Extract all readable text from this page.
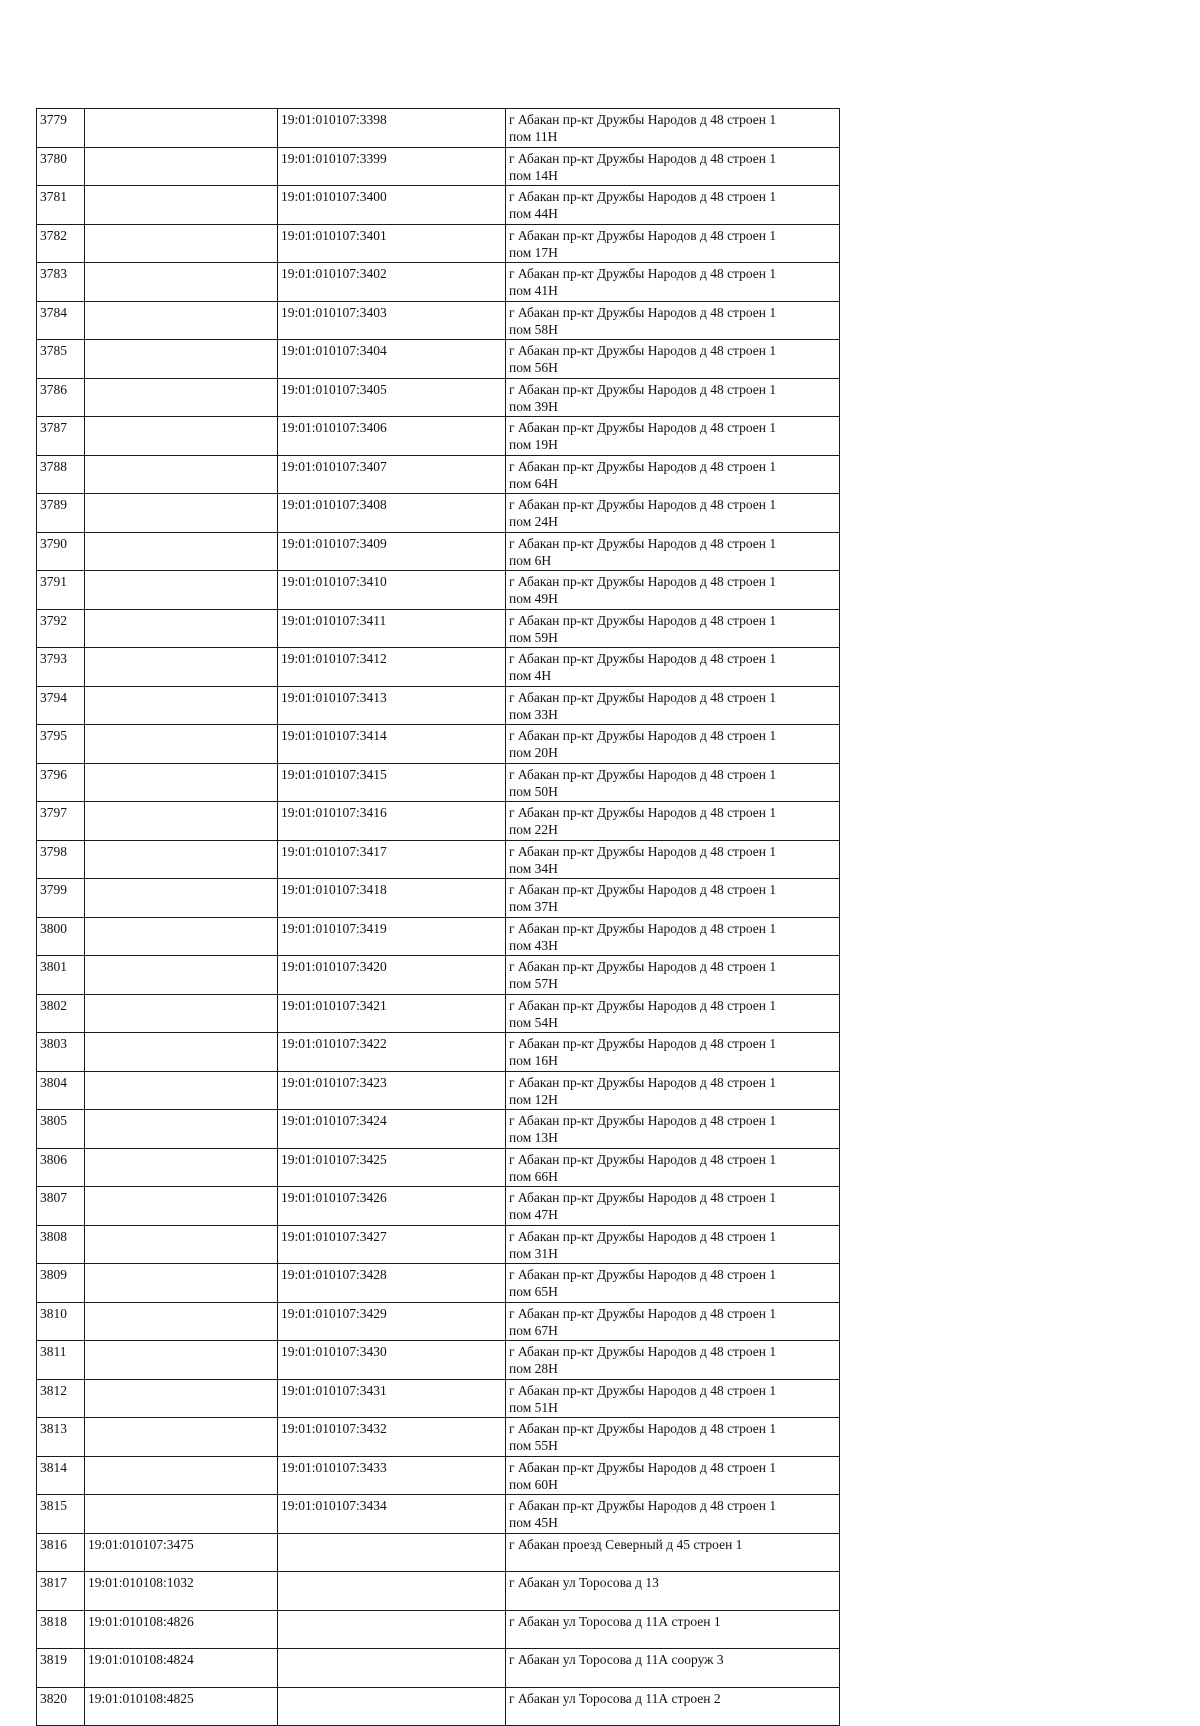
3779		19:01:010107:3398	г Абакан пр-кт Дружбы Народов д 48 строен 1
пом 11Н

3780		19:01:010107:3399	г Абакан пр-кт Дружбы Народов д 48 строен 1
пом 14Н

3781		19:01:010107:3400	г Абакан пр-кт Дружбы Народов д 48 строен 1
пом 44Н

3782		19:01:010107:3401	г Абакан пр-кт Дружбы Народов д 48 строен 1
пом 17Н

3783		19:01:010107:3402	г Абакан пр-кт Дружбы Народов д 48 строен 1
пом 41Н

3784		19:01:010107:3403	г Абакан пр-кт Дружбы Народов д 48 строен 1
пом 58Н

3785		19:01:010107:3404	г Абакан пр-кт Дружбы Народов д 48 строен 1
пом 56Н

3786		19:01:010107:3405	г Абакан пр-кт Дружбы Народов д 48 строен 1
пом 39Н

3787		19:01:010107:3406	г Абакан пр-кт Дружбы Народов д 48 строен 1
пом 19Н

3788		19:01:010107:3407	г Абакан пр-кт Дружбы Народов д 48 строен 1
пом 64Н

3789		19:01:010107:3408	г Абакан пр-кт Дружбы Народов д 48 строен 1
пом 24Н

3790		19:01:010107:3409	г Абакан пр-кт Дружбы Народов д 48 строен 1
пом 6Н

3791		19:01:010107:3410	г Абакан пр-кт Дружбы Народов д 48 строен 1
пом 49Н

3792		19:01:010107:3411	г Абакан пр-кт Дружбы Народов д 48 строен 1
пом 59Н

3793		19:01:010107:3412	г Абакан пр-кт Дружбы Народов д 48 строен 1
пом 4Н

3794		19:01:010107:3413	г Абакан пр-кт Дружбы Народов д 48 строен 1
пом 33Н

3795		19:01:010107:3414	г Абакан пр-кт Дружбы Народов д 48 строен 1
пом 20Н

3796		19:01:010107:3415	г Абакан пр-кт Дружбы Народов д 48 строен 1
пом 50Н

3797		19:01:010107:3416	г Абакан пр-кт Дружбы Народов д 48 строен 1
пом 22Н

3798		19:01:010107:3417	г Абакан пр-кт Дружбы Народов д 48 строен 1
пом 34Н

3799		19:01:010107:3418	г Абакан пр-кт Дружбы Народов д 48 строен 1
пом 37Н

3800		19:01:010107:3419	г Абакан пр-кт Дружбы Народов д 48 строен 1
пом 43Н

3801		19:01:010107:3420	г Абакан пр-кт Дружбы Народов д 48 строен 1
пом 57Н

3802		19:01:010107:3421	г Абакан пр-кт Дружбы Народов д 48 строен 1
пом 54Н

3803		19:01:010107:3422	г Абакан пр-кт Дружбы Народов д 48 строен 1
пом 16Н

3804		19:01:010107:3423	г Абакан пр-кт Дружбы Народов д 48 строен 1
пом 12Н

3805		19:01:010107:3424	г Абакан пр-кт Дружбы Народов д 48 строен 1
пом 13Н

3806		19:01:010107:3425	г Абакан пр-кт Дружбы Народов д 48 строен 1
пом 66Н

3807		19:01:010107:3426	г Абакан пр-кт Дружбы Народов д 48 строен 1
пом 47Н

3808		19:01:010107:3427	г Абакан пр-кт Дружбы Народов д 48 строен 1
пом 31Н

3809		19:01:010107:3428	г Абакан пр-кт Дружбы Народов д 48 строен 1
пом 65Н

3810		19:01:010107:3429	г Абакан пр-кт Дружбы Народов д 48 строен 1
пом 67Н

3811		19:01:010107:3430	г Абакан пр-кт Дружбы Народов д 48 строен 1
пом 28Н

3812		19:01:010107:3431	г Абакан пр-кт Дружбы Народов д 48 строен 1
пом 51Н

3813		19:01:010107:3432	г Абакан пр-кт Дружбы Народов д 48 строен 1
пом 55Н

3814		19:01:010107:3433	г Абакан пр-кт Дружбы Народов д 48 строен 1
пом 60Н

3815		19:01:010107:3434	г Абакан пр-кт Дружбы Народов д 48 строен 1
пом 45Н

3816	19:01:010107:3475		г Абакан проезд Северный д 45 строен 1

3817	19:01:010108:1032		г Абакан ул Торосова д 13

3818	19:01:010108:4826		г Абакан ул Торосова д 11А строен 1

3819	19:01:010108:4824		г Абакан ул Торосова д 11А сооруж 3

3820	19:01:010108:4825		г Абакан ул Торосова д 11А строен 2
